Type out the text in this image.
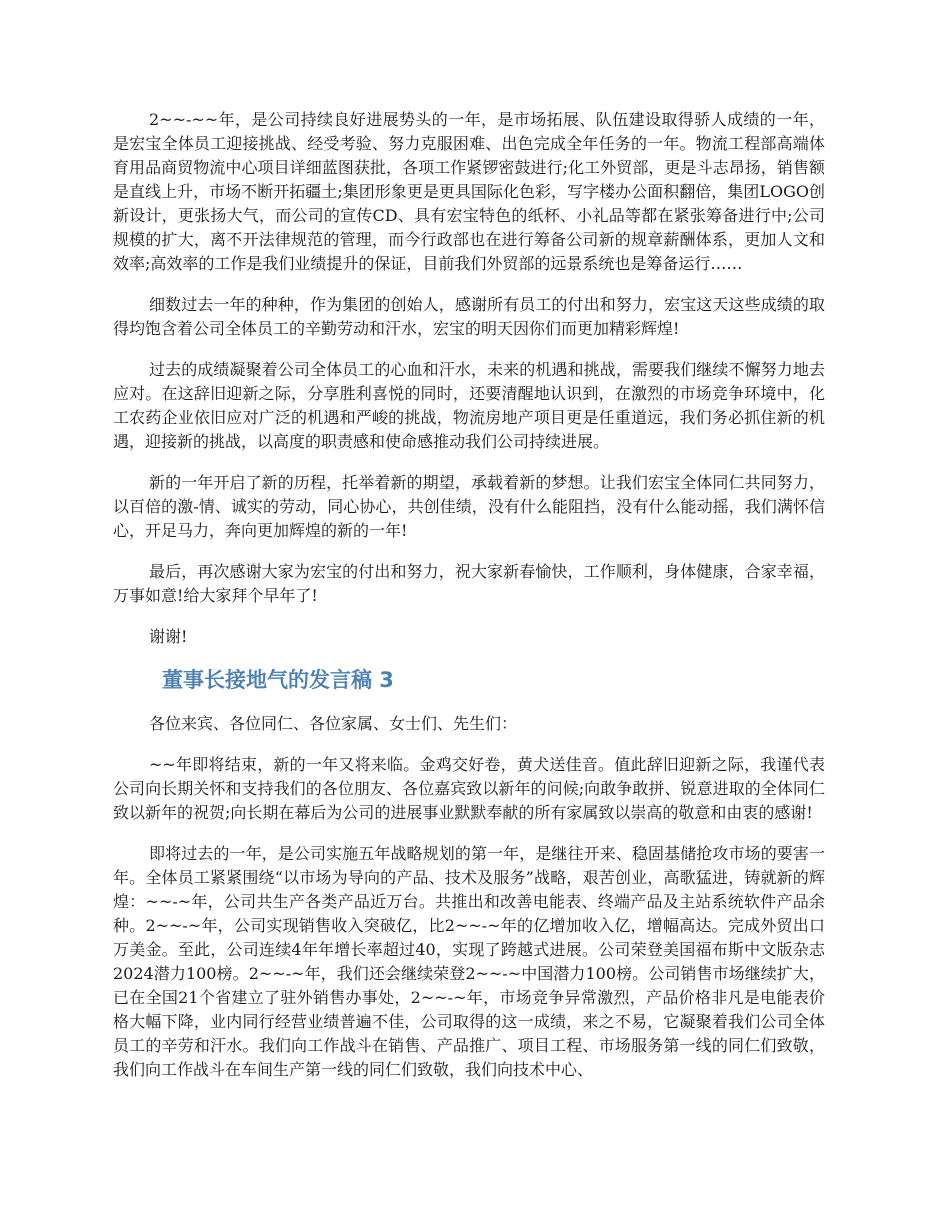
2~~-~~年，是公司持续良好进展势头的一年，是市场拓展、队伍建设取得骄人成绩的一年，是宏宝全体员工迎接挑战、经受考验、努力克服困难、出色完成全年任务的一年。物流工程部高端体育用品商贸物流中心项目详细蓝图获批，各项工作紧锣密鼓进行;化工外贸部，更是斗志昂扬，销售额是直线上升，市场不断开拓疆土;集团形象更是更具国际化色彩，写字楼办公面积翻倍，集团LOGO创新设计，更张扬大气，而公司的宣传CD、具有宏宝特色的纸杯、小礼品等都在紧张筹备进行中;公司规模的扩大，离不开法律规范的管理，而今行政部也在进行筹备公司新的规章薪酬体系，更加人文和效率;高效率的工作是我们业绩提升的保证，目前我们外贸部的远景系统也是筹备运行……

细数过去一年的种种，作为集团的创始人，感谢所有员工的付出和努力，宏宝这天这些成绩的取得均饱含着公司全体员工的辛勤劳动和汗水，宏宝的明天因你们而更加精彩辉煌!

过去的成绩凝聚着公司全体员工的心血和汗水，未来的机遇和挑战，需要我们继续不懈努力地去应对。在这辞旧迎新之际，分享胜利喜悦的同时，还要清醒地认识到，在激烈的市场竞争环境中，化工农药企业依旧应对广泛的机遇和严峻的挑战，物流房地产项目更是任重道远，我们务必抓住新的机遇，迎接新的挑战，以高度的职责感和使命感推动我们公司持续进展。

新的一年开启了新的历程，托举着新的期望，承载着新的梦想。让我们宏宝全体同仁共同努力，以百倍的激-情、诚实的劳动，同心协心，共创佳绩，没有什么能阻挡，没有什么能动摇，我们满怀信心，开足马力，奔向更加辉煌的新的一年!

最后，再次感谢大家为宏宝的付出和努力，祝大家新春愉快，工作顺利，身体健康，合家幸福，万事如意!给大家拜个早年了!

谢谢!

董事长接地气的发言稿 3

各位来宾、各位同仁、各位家属、女士们、先生们：

~~年即将结束，新的一年又将来临。金鸡交好卷，黄犬送佳音。值此辞旧迎新之际，我谨代表公司向长期关怀和支持我们的各位朋友、各位嘉宾致以新年的问候;向敢争敢拼、锐意进取的全体同仁致以新年的祝贺;向长期在幕后为公司的进展事业默默奉献的所有家属致以崇高的敬意和由衷的感谢!

即将过去的一年，是公司实施五年战略规划的第一年，是继往开来、稳固基储抢攻市场的要害一年。全体员工紧紧围绕“以市场为导向的产品、技术及服务”战略，艰苦创业，高歌猛进，铸就新的辉煌：~~-~年，公司共生产各类产品近万台。共推出和改善电能表、终端产品及主站系统软件产品余种。2~~-~年，公司实现销售收入突破亿，比2~~-~年的亿增加收入亿，增幅高达。完成外贸出口万美金。至此，公司连续4年年增长率超过40，实现了跨越式进展。公司荣登美国福布斯中文版杂志2024潜力100榜。2~~-~年，我们还会继续荣登2~~-~中国潜力100榜。公司销售市场继续扩大，已在全国21个省建立了驻外销售办事处，2~~-~年，市场竞争异常激烈，产品价格非凡是电能表价格大幅下降，业内同行经营业绩普遍不佳，公司取得的这一成绩，来之不易，它凝聚着我们公司全体员工的辛劳和汗水。我们向工作战斗在销售、产品推广、项目工程、市场服务第一线的同仁们致敬，我们向工作战斗在车间生产第一线的同仁们致敬，我们向技术中心、
